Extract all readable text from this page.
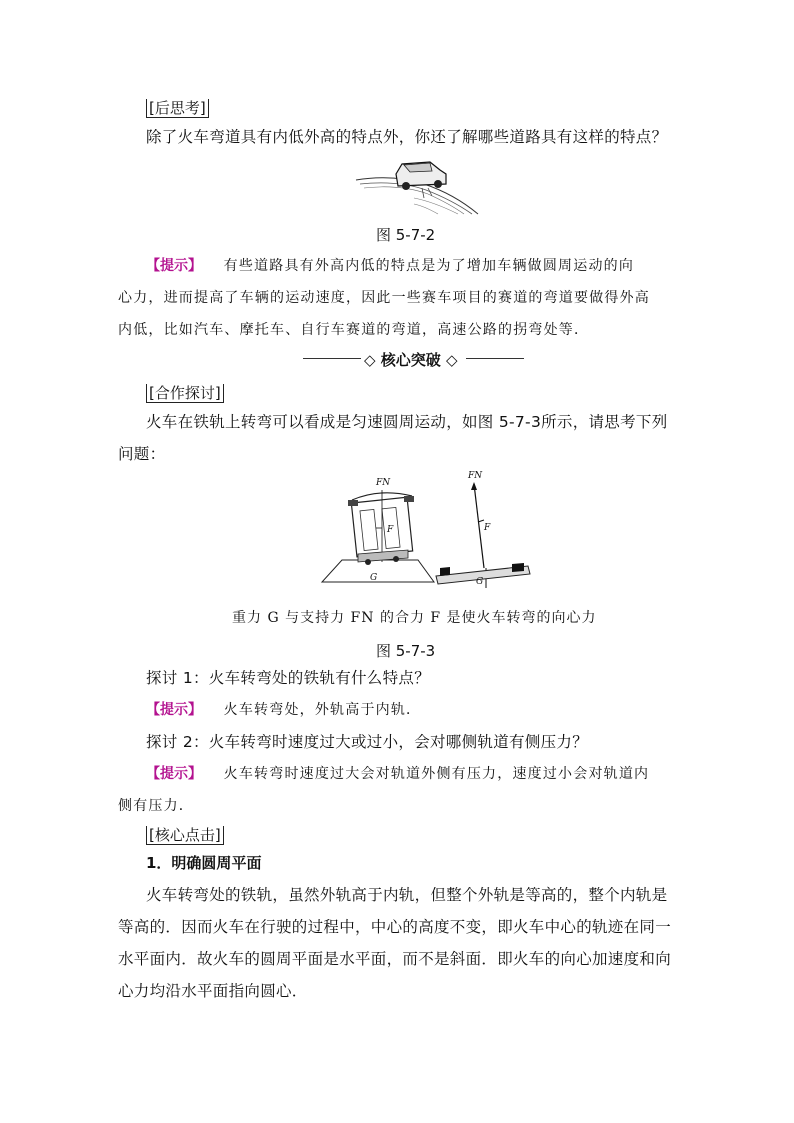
[后思考]
除了火车弯道具有内低外高的特点外，你还了解哪些道路具有这样的特点？
图 5-7-2
【提示】 有些道路具有外高内低的特点是为了增加车辆做圆周运动的向
心力，进而提高了车辆的运动速度，因此一些赛车项目的赛道的弯道要做得外高
内低，比如汽车、摩托车、自行车赛道的弯道，高速公路的拐弯处等．
◇ 核心突破 ◇
[合作探讨]
火车在铁轨上转弯可以看成是匀速圆周运动，如图 5-7-3所示，请思考下列
问题：
FN
F
G
FN
F
G
重力 G 与支持力 FN 的合力 F 是使火车转弯的向心力
图 5-7-3
探讨 1：火车转弯处的铁轨有什么特点？
【提示】 火车转弯处，外轨高于内轨．
探讨 2：火车转弯时速度过大或过小，会对哪侧轨道有侧压力？
【提示】 火车转弯时速度过大会对轨道外侧有压力，速度过小会对轨道内
侧有压力．
[核心点击]
1．明确圆周平面
火车转弯处的铁轨，虽然外轨高于内轨，但整个外轨是等高的，整个内轨是
等高的．因而火车在行驶的过程中，中心的高度不变，即火车中心的轨迹在同一
水平面内．故火车的圆周平面是水平面，而不是斜面．即火车的向心加速度和向
心力均沿水平面指向圆心．
